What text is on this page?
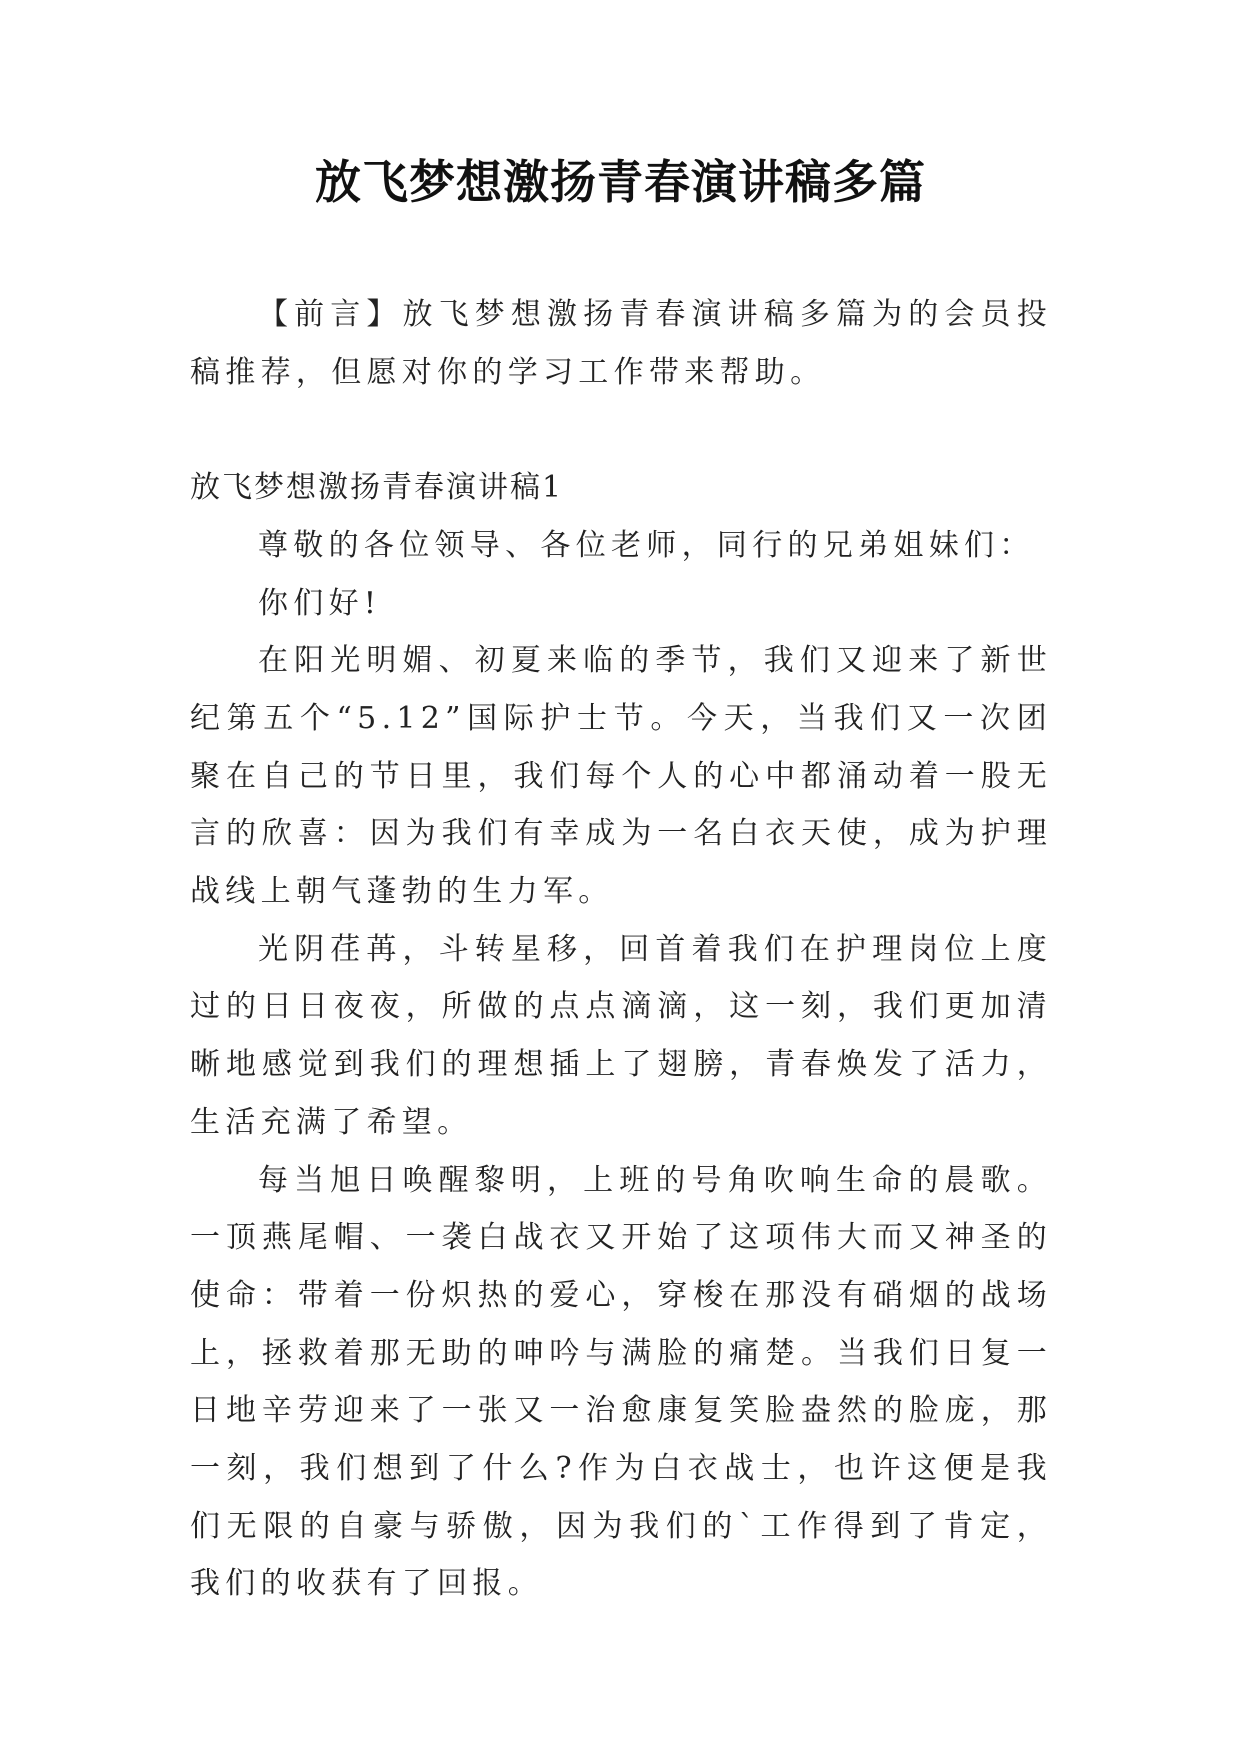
放飞梦想激扬青春演讲稿多篇

【前言】放飞梦想激扬青春演讲稿多篇为的会员投稿推荐，但愿对你的学习工作带来帮助。

放飞梦想激扬青春演讲稿1

尊敬的各位领导、各位老师，同行的兄弟姐妹们：

你们好!

在阳光明媚、初夏来临的季节，我们又迎来了新世纪第五个“5.12”国际护士节。今天，当我们又一次团聚在自己的节日里，我们每个人的心中都涌动着一股无言的欣喜：因为我们有幸成为一名白衣天使，成为护理战线上朝气蓬勃的生力军。

光阴荏苒，斗转星移，回首着我们在护理岗位上度过的日日夜夜，所做的点点滴滴，这一刻，我们更加清晰地感觉到我们的理想插上了翅膀，青春焕发了活力，生活充满了希望。

每当旭日唤醒黎明，上班的号角吹响生命的晨歌。一顶燕尾帽、一袭白战衣又开始了这项伟大而又神圣的使命：带着一份炽热的爱心，穿梭在那没有硝烟的战场上，拯救着那无助的呻吟与满脸的痛楚。当我们日复一日地辛劳迎来了一张又一治愈康复笑脸盎然的脸庞，那一刻，我们想到了什么?作为白衣战士，也许这便是我们无限的自豪与骄傲，因为我们的`工作得到了肯定，我们的收获有了回报。
